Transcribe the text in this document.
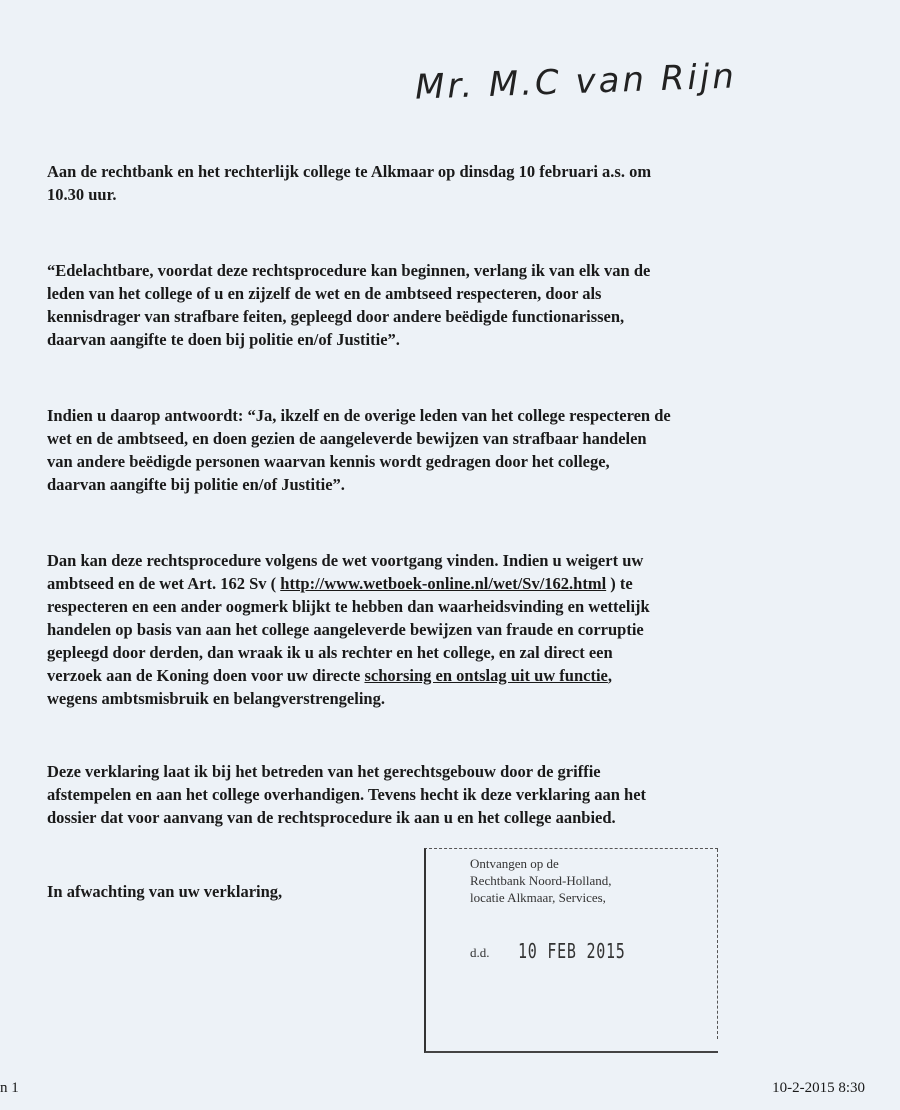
Mr. M.C van Rijn
Aan de rechtbank en het rechterlijk college te Alkmaar op dinsdag 10 februari a.s. om
10.30 uur.
“Edelachtbare, voordat deze rechtsprocedure kan beginnen, verlang ik van elk van de
leden van het college of u en zijzelf de wet en de ambtseed respecteren, door als
kennisdrager van strafbare feiten, gepleegd door andere beëdigde functionarissen,
daarvan aangifte te doen bij politie en/of Justitie”.
Indien u daarop antwoordt: “Ja, ikzelf en de overige leden van het college respecteren de
wet en de ambtseed, en doen gezien de aangeleverde bewijzen van strafbaar handelen
van andere beëdigde personen waarvan kennis wordt gedragen door het college,
daarvan aangifte bij politie en/of Justitie”.
Dan kan deze rechtsprocedure volgens de wet voortgang vinden. Indien u weigert uw
ambtseed en de wet Art. 162 Sv ( http://www.wetboek-online.nl/wet/Sv/162.html ) te
respecteren en een ander oogmerk blijkt te hebben dan waarheidsvinding en wettelijk
handelen op basis van aan het college aangeleverde bewijzen van fraude en corruptie
gepleegd door derden, dan wraak ik u als rechter en het college, en zal direct een
verzoek aan de Koning doen voor uw directe schorsing en ontslag uit uw functie,
wegens ambtsmisbruik en belangverstrengeling.
Deze verklaring laat ik bij het betreden van het gerechtsgebouw door de griffie
afstempelen en aan het college overhandigen. Tevens hecht ik deze verklaring aan het
dossier dat voor aanvang van de rechtsprocedure ik aan u en het college aanbied.
In afwachting van uw verklaring,
Ontvangen op de
Rechtbank Noord-Holland,
locatie Alkmaar, Services,
d.d. 10 FEB 2015
n 1	10-2-2015 8:30
